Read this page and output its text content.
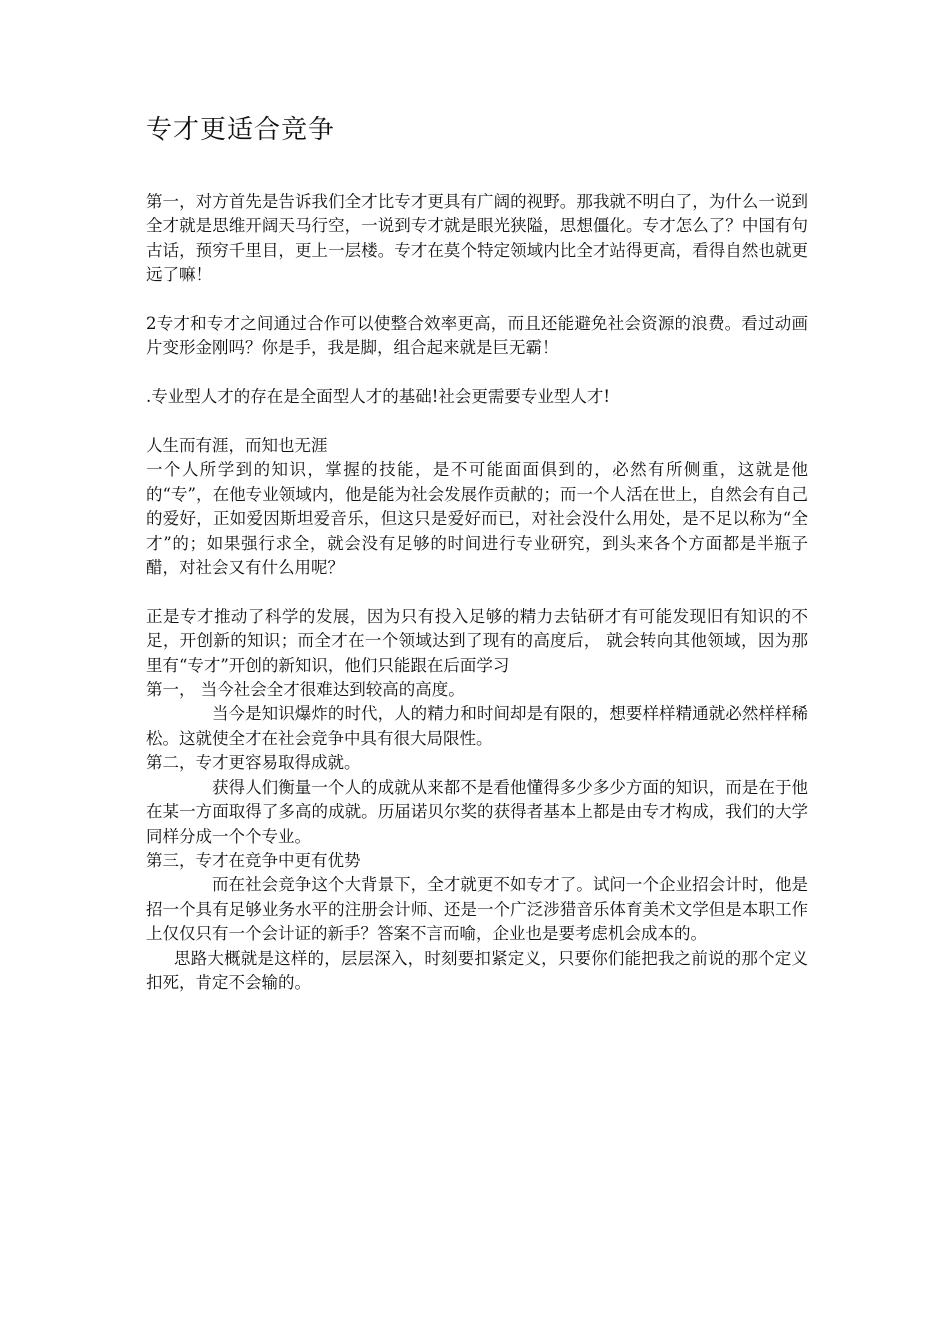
专才更适合竞争

第一，对方首先是告诉我们全才比专才更具有广阔的视野。那我就不明白了，为什么一说到全才就是思维开阔天马行空，一说到专才就是眼光狭隘，思想僵化。专才怎么了？中国有句古话，预穷千里目，更上一层楼。专才在莫个特定领域内比全才站得更高，看得自然也就更远了嘛！

2专才和专才之间通过合作可以使整合效率更高，而且还能避免社会资源的浪费。看过动画片变形金刚吗？你是手，我是脚，组合起来就是巨无霸！

.专业型人才的存在是全面型人才的基础!社会更需要专业型人才!

人生而有涯，而知也无涯

一个人所学到的知识，掌握的技能，是不可能面面俱到的，必然有所侧重，这就是他的“专”，在他专业领域内，他是能为社会发展作贡献的；而一个人活在世上，自然会有自己的爱好，正如爱因斯坦爱音乐，但这只是爱好而已，对社会没什么用处，是不足以称为“全才”的；如果强行求全，就会没有足够的时间进行专业研究，到头来各个方面都是半瓶子醋，对社会又有什么用呢？

正是专才推动了科学的发展，因为只有投入足够的精力去钻研才有可能发现旧有知识的不足，开创新的知识；而全才在一个领域达到了现有的高度后， 就会转向其他领域，因为那里有“专才”开创的新知识，他们只能跟在后面学习

第一， 当今社会全才很难达到较高的高度。

当今是知识爆炸的时代，人的精力和时间却是有限的，想要样样精通就必然样样稀松。这就使全才在社会竞争中具有很大局限性。

第二，专才更容易取得成就。

获得人们衡量一个人的成就从来都不是看他懂得多少多少方面的知识，而是在于他在某一方面取得了多高的成就。历届诺贝尔奖的获得者基本上都是由专才构成，我们的大学同样分成一个个专业。

第三，专才在竞争中更有优势

而在社会竞争这个大背景下，全才就更不如专才了。试问一个企业招会计时，他是招一个具有足够业务水平的注册会计师、还是一个广泛涉猎音乐体育美术文学但是本职工作上仅仅只有一个会计证的新手？答案不言而喻，企业也是要考虑机会成本的。

思路大概就是这样的，层层深入，时刻要扣紧定义，只要你们能把我之前说的那个定义扣死，肯定不会输的。
